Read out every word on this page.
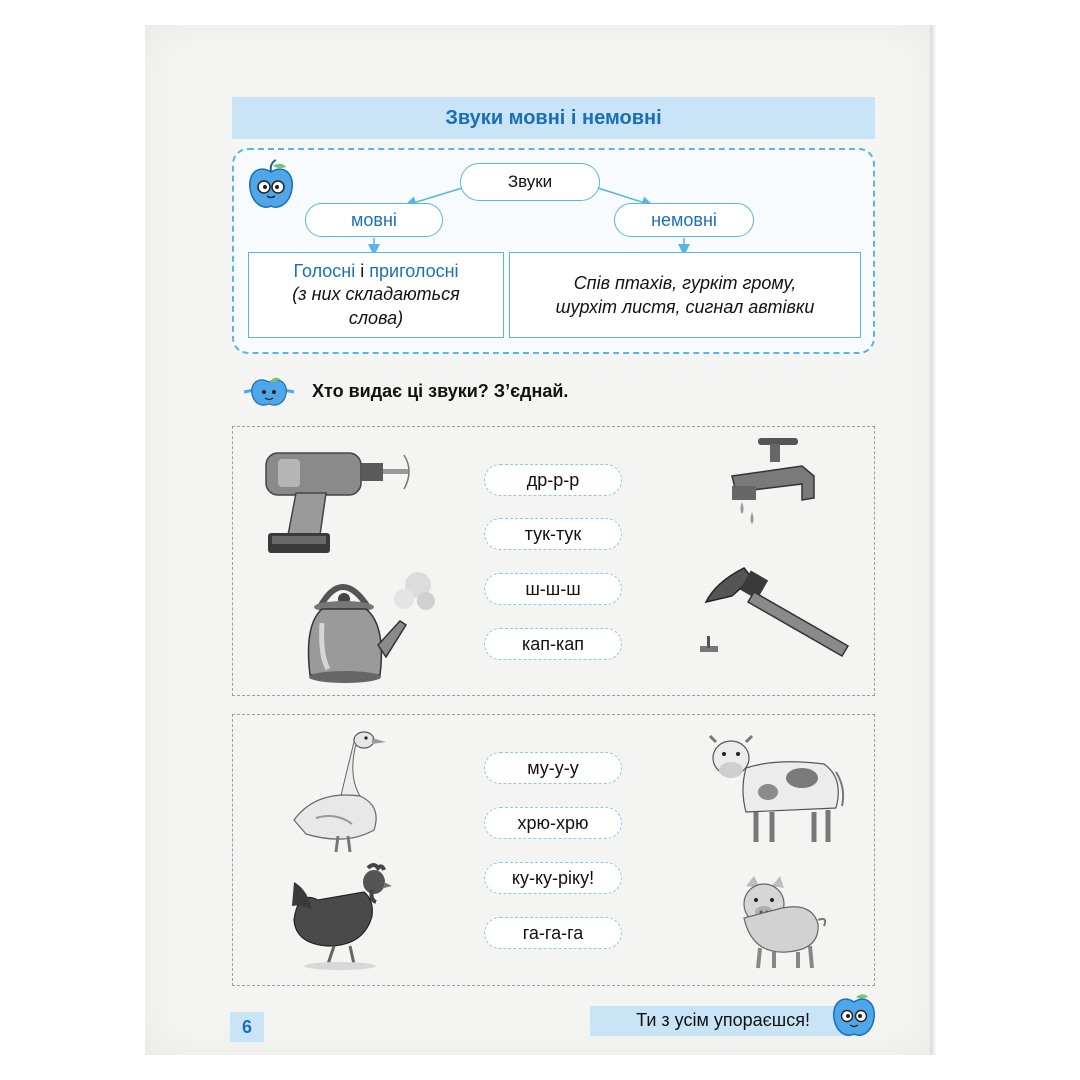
Звуки мовні і немовні
Звуки
мовні	немовні
Голосні і приголосні
(з них складаються
слова)
Спів птахів, гуркіт грому,
шурхіт листя, сигнал автівки
Хто видає ці звуки? З’єднай.
др-р-р
тук-тук
ш-ш-ш
кап-кап
му-у-у
хрю-хрю
ку-ку-ріку!
га-га-га
Ти з усім упораєшся!
6
